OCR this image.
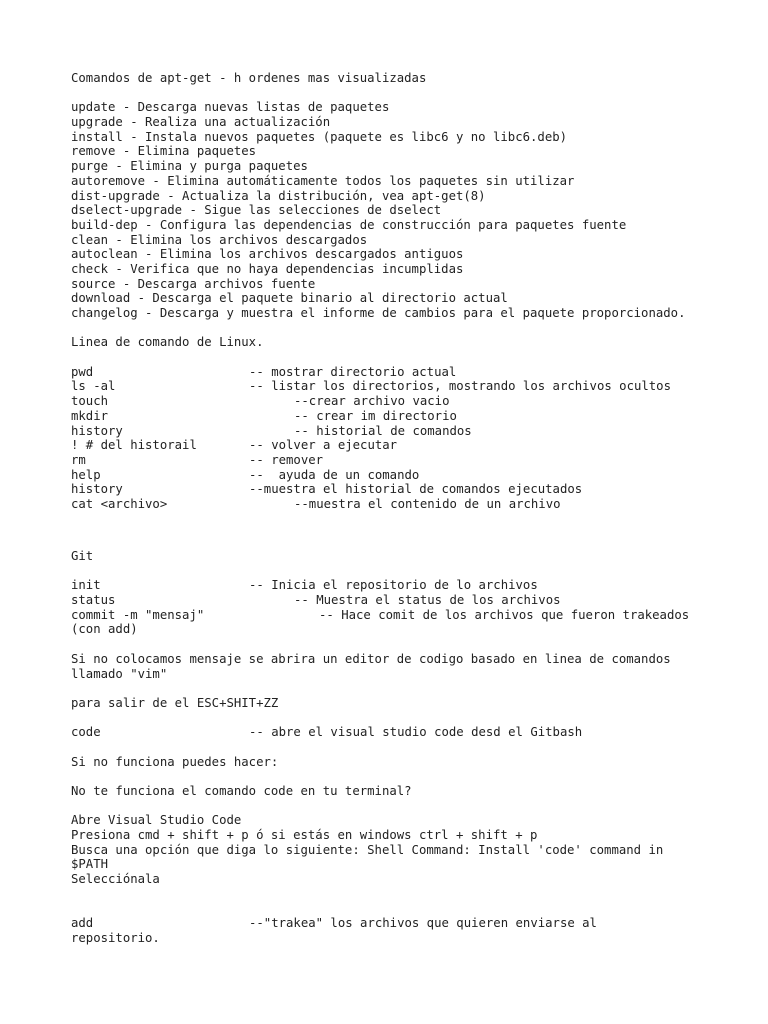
Comandos de apt-get - h ordenes mas visualizadas
update - Descarga nuevas listas de paquetes
upgrade - Realiza una actualización
install - Instala nuevos paquetes (paquete es libc6 y no libc6.deb)
remove - Elimina paquetes
purge - Elimina y purga paquetes
autoremove - Elimina automáticamente todos los paquetes sin utilizar
dist-upgrade - Actualiza la distribución, vea apt-get(8)
dselect-upgrade - Sigue las selecciones de dselect
build-dep - Configura las dependencias de construcción para paquetes fuente
clean - Elimina los archivos descargados
autoclean - Elimina los archivos descargados antiguos
check - Verifica que no haya dependencias incumplidas
source - Descarga archivos fuente
download - Descarga el paquete binario al directorio actual
changelog - Descarga y muestra el informe de cambios para el paquete proporcionado.
Linea de comando de Linux.
pwd	-- mostrar directorio actual
ls -al	-- listar los directorios, mostrando los archivos ocultos
touch	--crear archivo vacio
mkdir	-- crear im directorio
history	-- historial de comandos
! # del historail	-- volver a ejecutar
rm	-- remover
help	--  ayuda de un comando
history	--muestra el historial de comandos ejecutados
cat <archivo>	--muestra el contenido de un archivo
Git
init	-- Inicia el repositorio de lo archivos
status	-- Muestra el status de los archivos
commit -m "mensaj"	-- Hace comit de los archivos que fueron trakeados
(con add)
Si no colocamos mensaje se abrira un editor de codigo basado en linea de comandos
llamado "vim"
para salir de el ESC+SHIT+ZZ
code	-- abre el visual studio code desd el Gitbash
Si no funciona puedes hacer:
No te funciona el comando code en tu terminal?
Abre Visual Studio Code
Presiona cmd + shift + p ó si estás en windows ctrl + shift + p
Busca una opción que diga lo siguiente: Shell Command: Install 'code' command in
$PATH
Selecciónala
add	--"trakea" los archivos que quieren enviarse al
repositorio.
